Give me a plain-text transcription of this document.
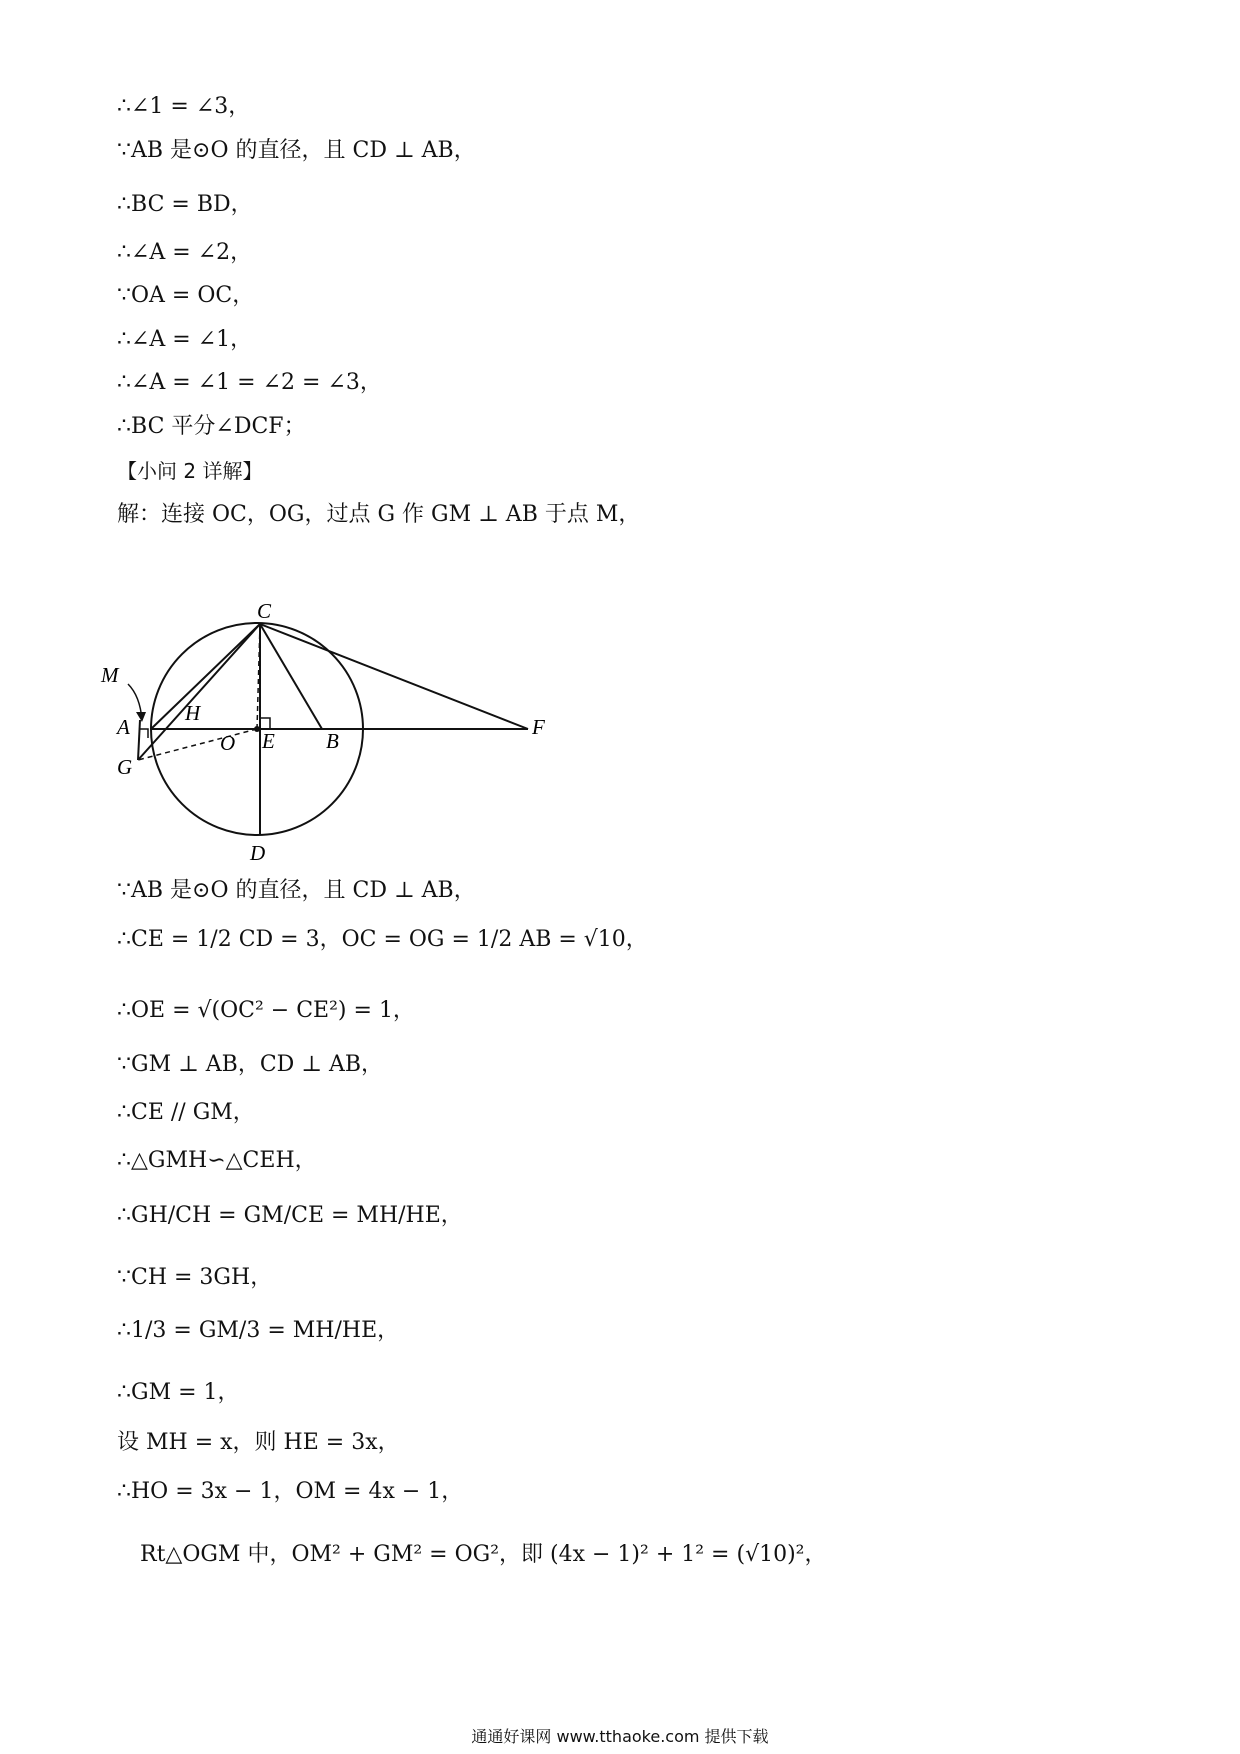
∴∠1 = ∠3，
∵AB 是⊙O 的直径，且 CD ⊥ AB，
∴BC = BD，
∴∠A = ∠2，
∵OA = OC，
∴∠A = ∠1，
∴∠A = ∠1 = ∠2 = ∠3，
∴BC 平分∠DCF；
【小问 2 详解】
解：连接 OC，OG，过点 G 作 GM ⊥ AB 于点 M，
C
M
A
H
O E B
F
G
D
∵AB 是⊙O 的直径，且 CD ⊥ AB，
∴CE = 1/2 CD = 3，OC = OG = 1/2 AB = √10，
∴OE = √(OC² − CE²) = 1，
∵GM ⊥ AB，CD ⊥ AB，
∴CE // GM，
∴△GMH∽△CEH，
∴GH/CH = GM/CE = MH/HE，
∵CH = 3GH，
∴1/3 = GM/3 = MH/HE，
∴GM = 1，
设 MH = x，则 HE = 3x，
∴HO = 3x − 1，OM = 4x − 1，
Rt△OGM 中，OM² + GM² = OG²，即 (4x − 1)² + 1² = (√10)²，
通通好课网 www.tthaoke.com 提供下载
